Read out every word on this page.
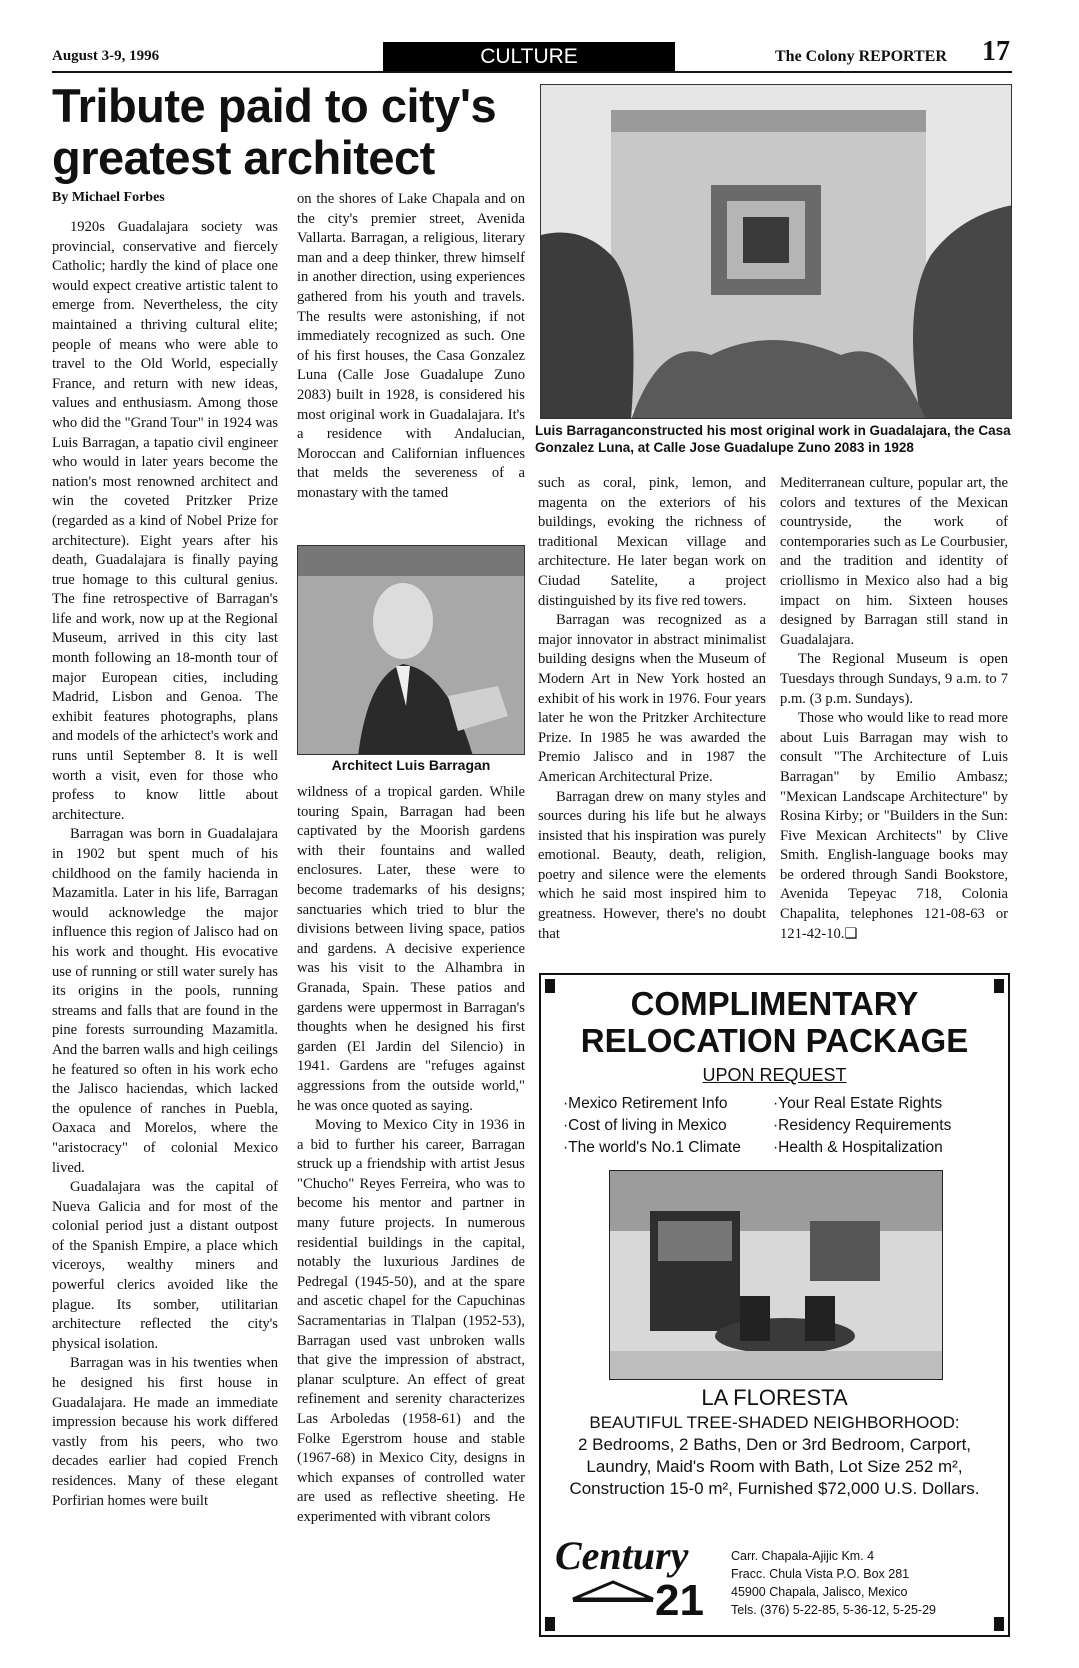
August 3-9, 1996	CULTURE	The Colony REPORTER 17
Tribute paid to city's
greatest architect
By Michael Forbes

1920s Guadalajara society was provincial, conservative and fiercely Catholic; hardly the kind of place one would expect creative artistic talent to emerge from. Nevertheless, the city maintained a thriving cultural elite; people of means who were able to travel to the Old World, especially France, and return with new ideas, values and enthusiasm. Among those who did the "Grand Tour" in 1924 was Luis Barragan, a tapatio civil engineer who would in later years become the nation's most renowned architect and win the coveted Pritzker Prize (regarded as a kind of Nobel Prize for architecture). Eight years after his death, Guadalajara is finally paying true homage to this cultural genius. The fine retrospective of Barragan's life and work, now up at the Regional Museum, arrived in this city last month following an 18-month tour of major European cities, including Madrid, Lisbon and Genoa. The exhibit features photographs, plans and models of the arhictect's work and runs until September 8. It is well worth a visit, even for those who profess to know little about architecture.

Barragan was born in Guadalajara in 1902 but spent much of his childhood on the family hacienda in Mazamitla. Later in his life, Barragan would acknowledge the major influence this region of Jalisco had on his work and thought. His evocative use of running or still water surely has its origins in the pools, running streams and falls that are found in the pine forests surrounding Mazamitla. And the barren walls and high ceilings he featured so often in his work echo the Jalisco haciendas, which lacked the opulence of ranches in Puebla, Oaxaca and Morelos, where the "aristocracy" of colonial Mexico lived.

Guadalajara was the capital of Nueva Galicia and for most of the colonial period just a distant outpost of the Spanish Empire, a place which viceroys, wealthy miners and powerful clerics avoided like the plague. Its somber, utilitarian architecture reflected the city's physical isolation.

Barragan was in his twenties when he designed his first house in Guadalajara. He made an immediate impression because his work differed vastly from his peers, who two decades earlier had copied French residences. Many of these elegant Porfirian homes were built

on the shores of Lake Chapala and on the city's premier street, Avenida Vallarta. Barragan, a religious, literary man and a deep thinker, threw himself in another direction, using experiences gathered from his youth and travels. The results were astonishing, if not immediately recognized as such. One of his first houses, the Casa Gonzalez Luna (Calle Jose Guadalupe Zuno 2083) built in 1928, is considered his most original work in Guadalajara. It's a residence with Andalucian, Moroccan and Californian influences that melds the severeness of a monastary with the tamed

Architect Luis Barragan

wildness of a tropical garden. While touring Spain, Barragan had been captivated by the Moorish gardens with their fountains and walled enclosures. Later, these were to become trademarks of his designs; sanctuaries which tried to blur the divisions between living space, patios and gardens. A decisive experience was his visit to the Alhambra in Granada, Spain. These patios and gardens were uppermost in Barragan's thoughts when he designed his first garden (El Jardin del Silencio) in 1941. Gardens are "refuges against aggressions from the outside world," he was once quoted as saying.

Moving to Mexico City in 1936 in a bid to further his career, Barragan struck up a friendship with artist Jesus "Chucho" Reyes Ferreira, who was to become his mentor and partner in many future projects. In numerous residential buildings in the capital, notably the luxurious Jardines de Pedregal (1945-50), and at the spare and ascetic chapel for the Capuchinas Sacramentarias in Tlalpan (1952-53), Barragan used vast unbroken walls that give the impression of abstract, planar sculpture. An effect of great refinement and serenity characterizes Las Arboledas (1958-61) and the Folke Egerstrom house and stable (1967-68) in Mexico City, designs in which expanses of controlled water are used as reflective sheeting. He experimented with vibrant colors

Luis Barraganconstructed his most original work in Guadalajara, the Casa Gonzalez Luna, at Calle Jose Guadalupe Zuno 2083 in 1928

such as coral, pink, lemon, and magenta on the exteriors of his buildings, evoking the richness of traditional Mexican village and architecture. He later began work on Ciudad Satelite, a project distinguished by its five red towers.

Barragan was recognized as a major innovator in abstract minimalist building designs when the Museum of Modern Art in New York hosted an exhibit of his work in 1976. Four years later he won the Pritzker Architecture Prize. In 1985 he was awarded the Premio Jalisco and in 1987 the American Architectural Prize.

Barragan drew on many styles and sources during his life but he always insisted that his inspiration was purely emotional. Beauty, death, religion, poetry and silence were the elements which he said most inspired him to greatness. However, there's no doubt that

Mediterranean culture, popular art, the colors and textures of the Mexican countryside, the work of contemporaries such as Le Courbusier, and the tradition and identity of criollismo in Mexico also had a big impact on him. Sixteen houses designed by Barragan still stand in Guadalajara.

The Regional Museum is open Tuesdays through Sundays, 9 a.m. to 7 p.m. (3 p.m. Sundays).

Those who would like to read more about Luis Barragan may wish to consult "The Architecture of Luis Barragan" by Emilio Ambasz; "Mexican Landscape Architecture" by Rosina Kirby; or "Builders in the Sun: Five Mexican Architects" by Clive Smith. English-language books may be ordered through Sandi Bookstore, Avenida Tepeyac 718, Colonia Chapalita, telephones 121-08-63 or 121-42-10.❏

COMPLIMENTARY
RELOCATION PACKAGE
UPON REQUEST
·Mexico Retirement Info
·Cost of living in Mexico
·The world's No.1 Climate
·Your Real Estate Rights
·Residency Requirements
·Health & Hospitalization
LA FLORESTA
BEAUTIFUL TREE-SHADED NEIGHBORHOOD:
2 Bedrooms, 2 Baths, Den or 3rd Bedroom, Carport,
Laundry, Maid's Room with Bath, Lot Size 252 m²,
Construction 15-0 m², Furnished $72,000 U.S. Dollars.
Century
21
Carr. Chapala-Ajijic Km. 4
Fracc. Chula Vista P.O. Box 281
45900 Chapala, Jalisco, Mexico
Tels. (376) 5-22-85, 5-36-12, 5-25-29
